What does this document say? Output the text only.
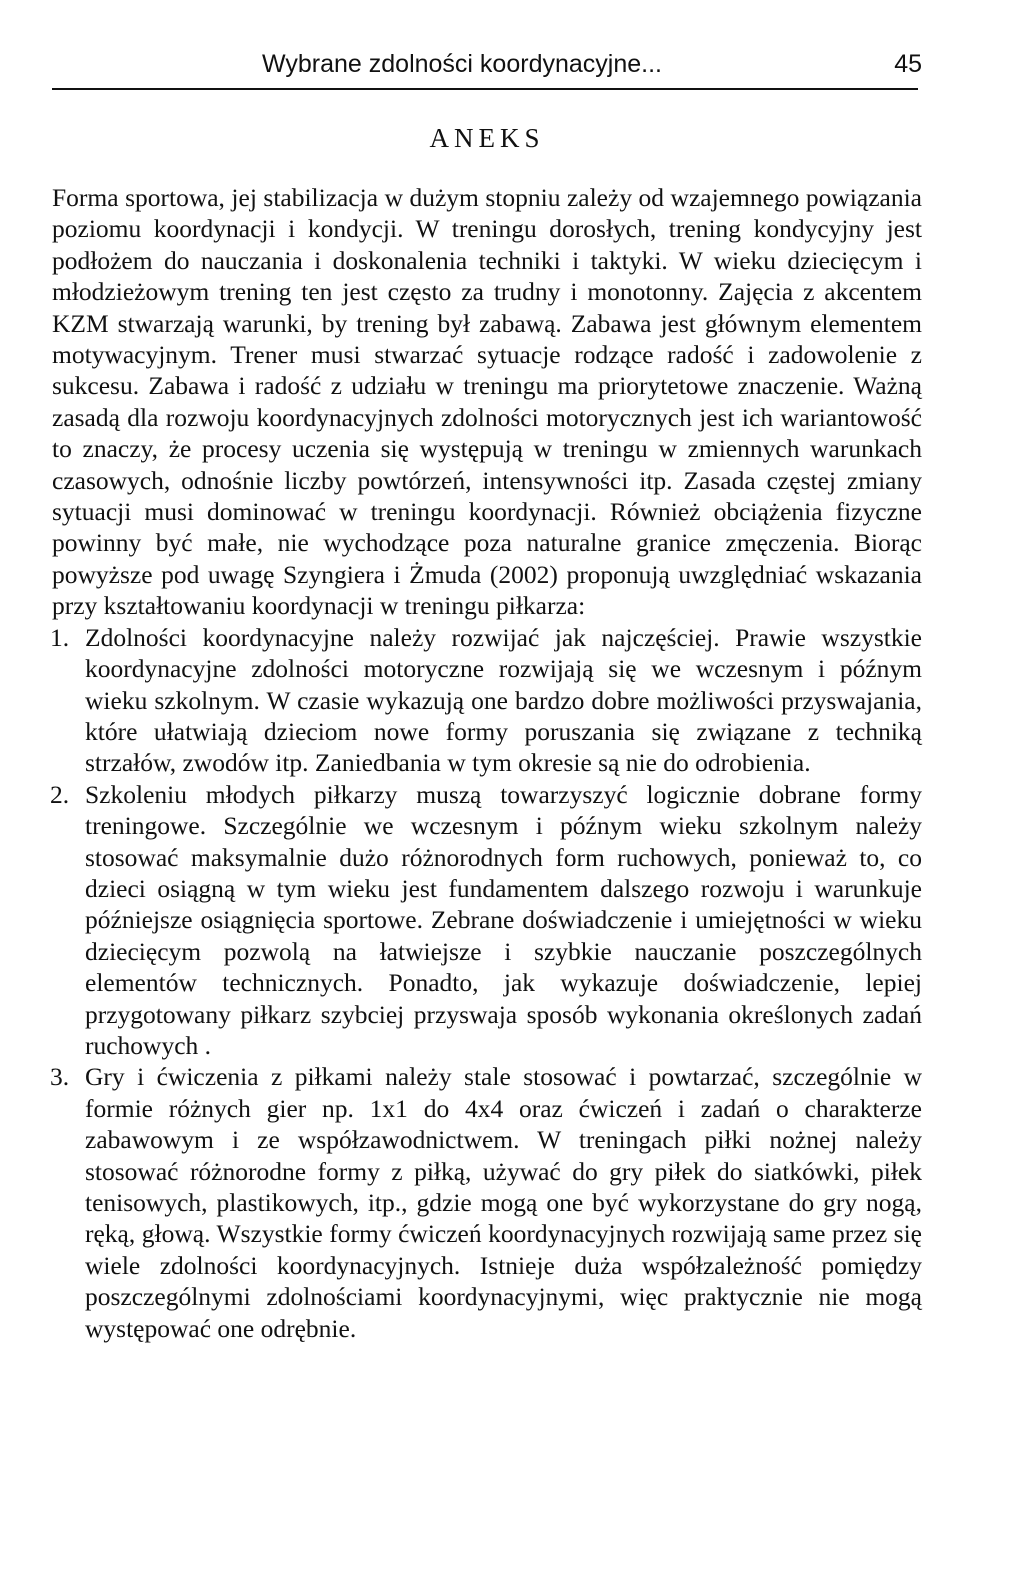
Wybrane zdolności koordynacyjne...	45
ANEKS

Forma sportowa, jej stabilizacja w dużym stopniu zależy od wzajemnego powiązania poziomu koordynacji i kondycji. W treningu dorosłych, trening kondycyjny jest podłożem do nauczania i doskonalenia techniki i taktyki. W wieku dziecięcym i młodzieżowym trening ten jest często za trudny i monotonny. Zajęcia z akcentem KZM stwarzają warunki, by trening był zabawą. Zabawa jest głównym elementem motywacyjnym. Trener musi stwarzać sytuacje rodzące radość i zadowolenie z sukcesu. Zabawa i radość z udziału w treningu ma priorytetowe znaczenie. Ważną zasadą dla rozwoju koordynacyjnych zdolności motorycznych jest ich wariantowość to znaczy, że procesy uczenia się występują w treningu w zmiennych warunkach czasowych, odnośnie liczby powtórzeń, intensywności itp. Zasada częstej zmiany sytuacji musi dominować w treningu koordynacji. Również obciążenia fizyczne powinny być małe, nie wychodzące poza naturalne granice zmęczenia. Biorąc powyższe pod uwagę Szyngiera i Żmuda (2002) proponują uwzględniać wskazania przy kształtowaniu koordynacji w treningu piłkarza:

1. Zdolności koordynacyjne należy rozwijać jak najczęściej. Prawie wszystkie koordynacyjne zdolności motoryczne rozwijają się we wczesnym i późnym wieku szkolnym. W czasie wykazują one bardzo dobre możliwości przyswajania, które ułatwiają dzieciom nowe formy poruszania się związane z techniką strzałów, zwodów itp. Zaniedbania w tym okresie są nie do odrobienia.

2. Szkoleniu młodych piłkarzy muszą towarzyszyć logicznie dobrane formy treningowe. Szczególnie we wczesnym i późnym wieku szkolnym należy stosować maksymalnie dużo różnorodnych form ruchowych, ponieważ to, co dzieci osiągną w tym wieku jest fundamentem dalszego rozwoju i warunkuje późniejsze osiągnięcia sportowe. Zebrane doświadczenie i umiejętności w wieku dziecięcym pozwolą na łatwiejsze i szybkie nauczanie poszczególnych elementów technicznych. Ponadto, jak wykazuje doświadczenie, lepiej przygotowany piłkarz szybciej przyswaja sposób wykonania określonych zadań ruchowych .

3. Gry i ćwiczenia z piłkami należy stale stosować i powtarzać, szczególnie w formie różnych gier np. 1x1 do 4x4 oraz ćwiczeń i zadań o charakterze zabawowym i ze współzawodnictwem. W treningach piłki nożnej należy stosować różnorodne formy z piłką, używać do gry piłek do siatkówki, piłek tenisowych, plastikowych, itp., gdzie mogą one być wykorzystane do gry nogą, ręką, głową. Wszystkie formy ćwiczeń koordynacyjnych rozwijają same przez się wiele zdolności koordynacyjnych. Istnieje duża współzależność pomiędzy poszczególnymi zdolnościami koordynacyjnymi, więc praktycznie nie mogą występować one odrębnie.
